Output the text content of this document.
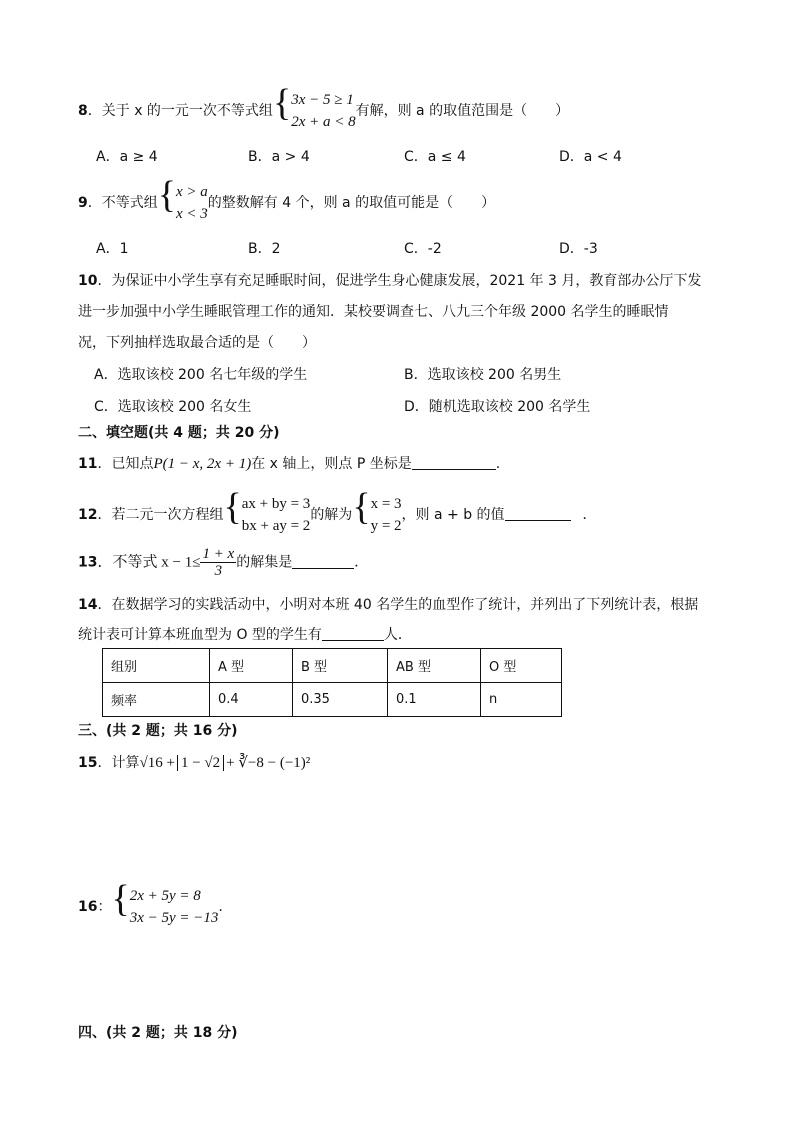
8．关于 x 的一元一次不等式组{ 3x − 5 ≥ 1
2x + a < 8
有解，则 a 的取值范围是（　　）
A．a ≥ 4	B．a > 4	C．a ≤ 4	D．a < 4
9．不等式组{ x > a
x < 3
的整数解有 4 个，则 a 的取值可能是（　　）
A．1	B．2	C．-2	D．-3
10．为保证中小学生享有充足睡眠时间，促进学生身心健康发展，2021 年 3 月，教育部办公厅下发
进一步加强中小学生睡眠管理工作的通知．某校要调查七、八九三个年级 2000 名学生的睡眠情
况，下列抽样选取最合适的是（　　）
A．选取该校 200 名七年级的学生	B．选取该校 200 名男生
C．选取该校 200 名女生	D．随机选取该校 200 名学生
二、填空题(共 4 题；共 20 分)
11．已知点P(1 − x, 2x + 1)在 x 轴上，则点 P 坐标是	.
12．若二元一次方程组{ ax + by = 3
bx + ay = 2
的解为{ x = 3
y = 2
，则 a + b 的值	．
13．不等式 $x - 1\le \frac{1 + x}{3}$ 的解集是	．
14．在数据学习的实践活动中，小明对本班 40 名学生的血型作了统计，并列出了下列统计表，根据
统计表可计算本班血型为 O 型的学生有	人．
组别	A 型	B 型	AB 型	O 型
频率	0.4	0.35	0.1	n
三、(共 2 题；共 16 分)
15．计算√16 + 1 − √2 + ∛−8 − (−1)²
16：{ 2x + 5y = 8
3x − 5y = −13
.
四、(共 2 题；共 18 分)
